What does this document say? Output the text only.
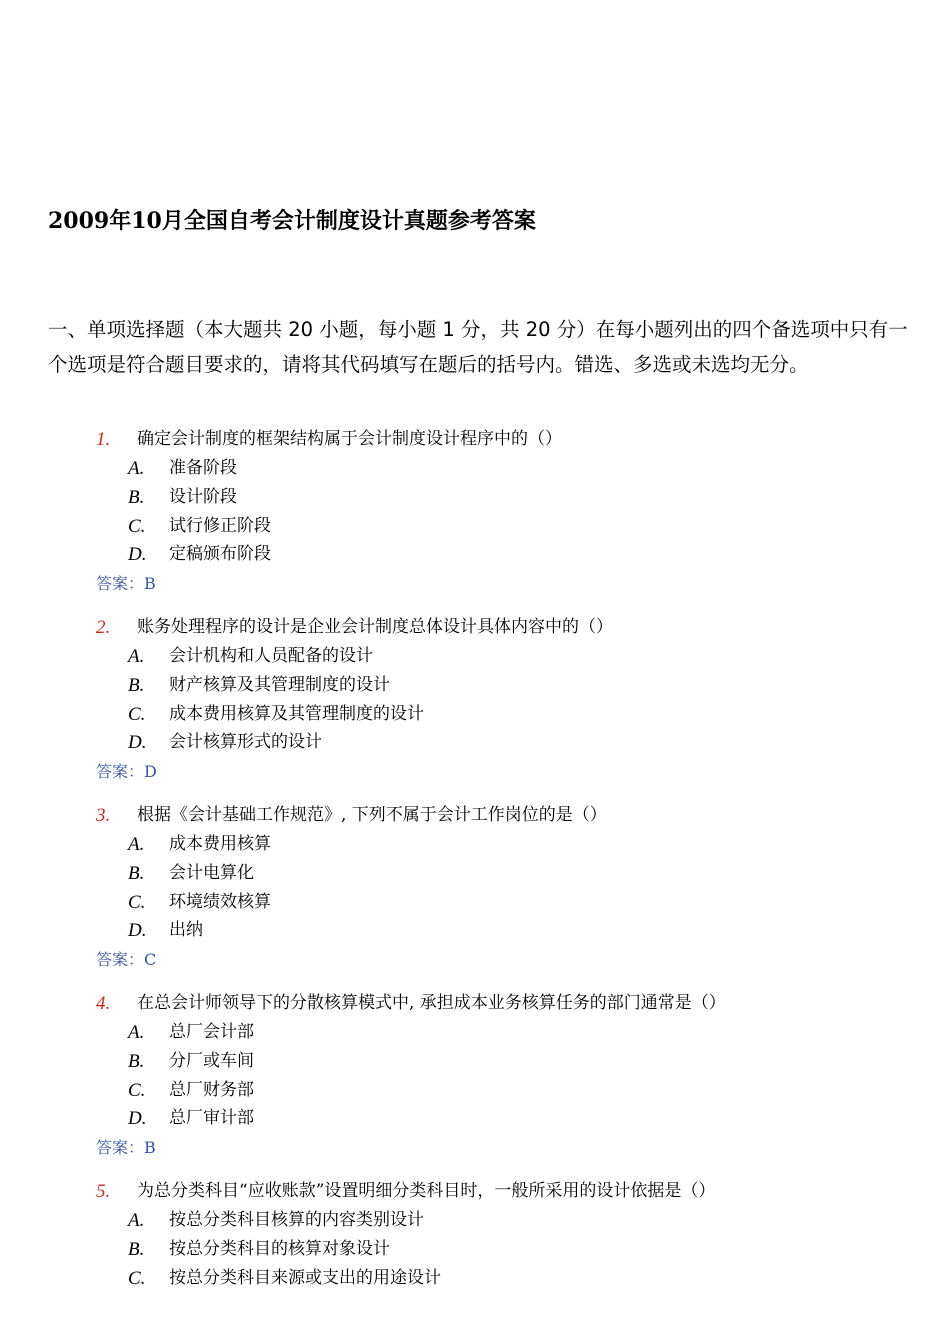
2009年10月全国自考会计制度设计真题参考答案

一、单项选择题（本大题共 20 小题，每小题 1 分，共 20 分）在每小题列出的四个备选项中只有一个选项是符合题目要求的，请将其代码填写在题后的括号内。错选、多选或未选均无分。

1. 确定会计制度的框架结构属于会计制度设计程序中的（）
A. 准备阶段
B. 设计阶段
C. 试行修正阶段
D. 定稿颁布阶段
答案：B
2. 账务处理程序的设计是企业会计制度总体设计具体内容中的（）
A. 会计机构和人员配备的设计
B. 财产核算及其管理制度的设计
C. 成本费用核算及其管理制度的设计
D. 会计核算形式的设计
答案：D
3. 根据《会计基础工作规范》, 下列不属于会计工作岗位的是（）
A. 成本费用核算
B. 会计电算化
C. 环境绩效核算
D. 出纳
答案：C
4. 在总会计师领导下的分散核算模式中, 承担成本业务核算任务的部门通常是（）
A. 总厂会计部
B. 分厂或车间
C. 总厂财务部
D. 总厂审计部
答案：B
5. 为总分类科目“应收账款”设置明细分类科目时，一般所采用的设计依据是（）
A. 按总分类科目核算的内容类别设计
B. 按总分类科目的核算对象设计
C. 按总分类科目来源或支出的用途设计
